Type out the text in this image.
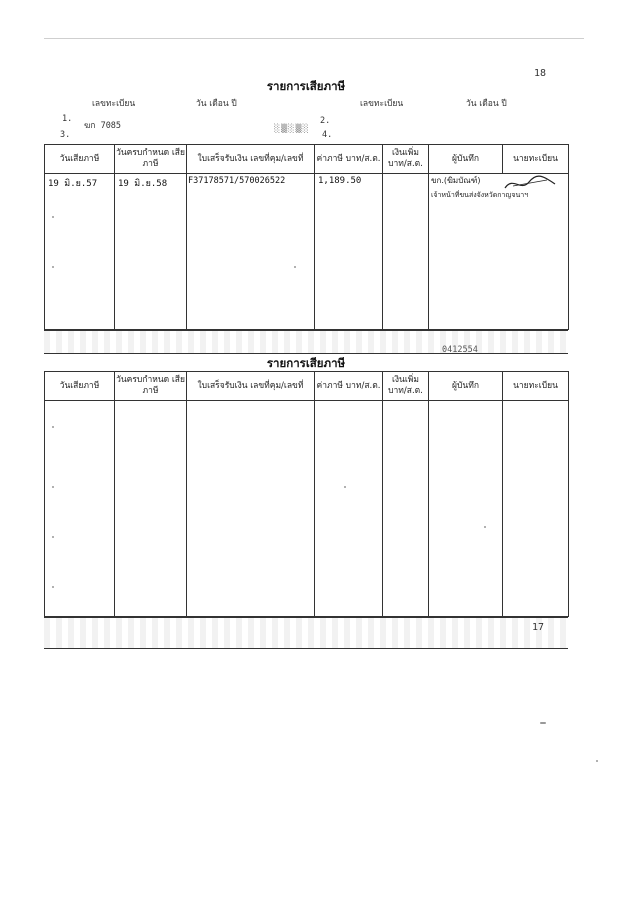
18
รายการเสียภาษี
เลขทะเบียน	วัน เดือน ปี	เลขทะเบียน	วัน เดือน ปี
1.
ฆก 7085
3.
2.
4.
░▒░▒░
วันเสียภาษี	วันครบกำหนด เสียภาษี	ใบเสร็จรับเงิน เลขที่คุม/เลขที่	ค่าภาษี บาท/ส.ต.	เงินเพิ่ม บาท/ส.ต.	ผู้บันทึก	นายทะเบียน

19 มิ.ย.57	19 มิ.ย.58	F37178571/570026522	1,189.50		ขก.(ฆิมบัณฑ์)
เจ้าหน้าที่ขนส่งจังหวัดกาญจนาฯ	
0412554
รายการเสียภาษี
วันเสียภาษี	วันครบกำหนด เสียภาษี	ใบเสร็จรับเงิน เลขที่คุม/เลขที่	ค่าภาษี บาท/ส.ต.	เงินเพิ่ม บาท/ส.ต.	ผู้บันทึก	นายทะเบียน

17
